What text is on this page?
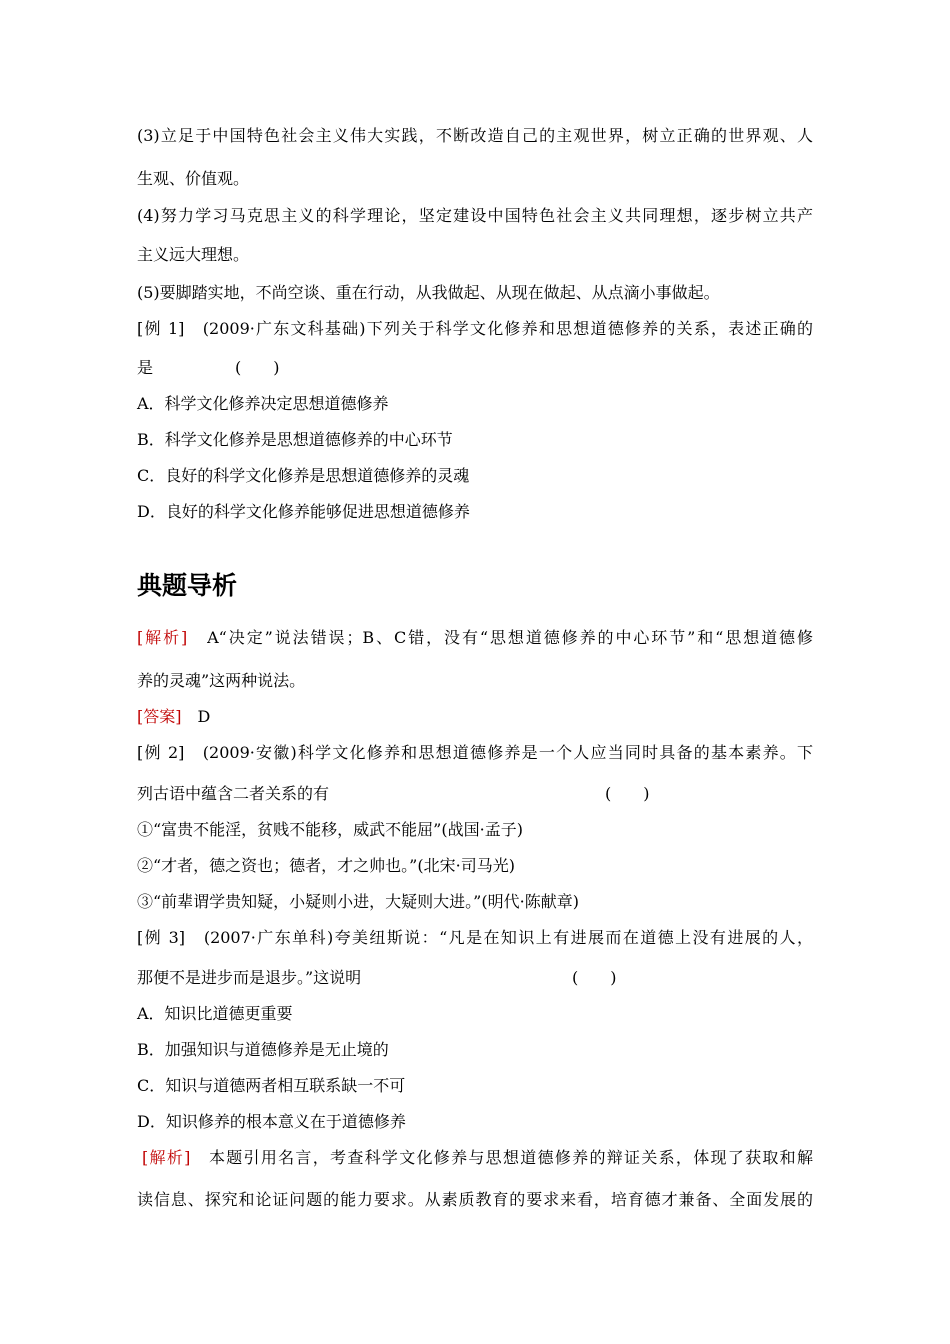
(3)立足于中国特色社会主义伟大实践，不断改造自己的主观世界，树立正确的世界观、人
生观、价值观。
(4)努力学习马克思主义的科学理论，坚定建设中国特色社会主义共同理想，逐步树立共产
主义远大理想。
(5)要脚踏实地，不尚空谈、重在行动，从我做起、从现在做起、从点滴小事做起。
[例 1]　(2009·广东文科基础)下列关于科学文化修养和思想道德修养的关系，表述正确的
是	(　　)
A．科学文化修养决定思想道德修养
B．科学文化修养是思想道德修养的中心环节
C．良好的科学文化修养是思想道德修养的灵魂
D．良好的科学文化修养能够促进思想道德修养
典题导析
[解析]　A“决定”说法错误；B、C错，没有“思想道德修养的中心环节”和“思想道德修
养的灵魂”这两种说法。
[答案]　D
[例 2]　(2009·安徽)科学文化修养和思想道德修养是一个人应当同时具备的基本素养。下
列古语中蕴含二者关系的有	(　　)
①“富贵不能淫，贫贱不能移，威武不能屈”(战国·孟子)
②“才者，德之资也；德者，才之帅也。”(北宋·司马光)
③“前辈谓学贵知疑，小疑则小进，大疑则大进。”(明代·陈献章)
[例 3]　(2007·广东单科)夸美纽斯说：“凡是在知识上有进展而在道德上没有进展的人，
那便不是进步而是退步。”这说明	(　　)
A．知识比道德更重要
B．加强知识与道德修养是无止境的
C．知识与道德两者相互联系缺一不可
D．知识修养的根本意义在于道德修养
[解析]　本题引用名言，考查科学文化修养与思想道德修养的辩证关系，体现了获取和解
读信息、探究和论证问题的能力要求。从素质教育的要求来看，培育德才兼备、全面发展的
